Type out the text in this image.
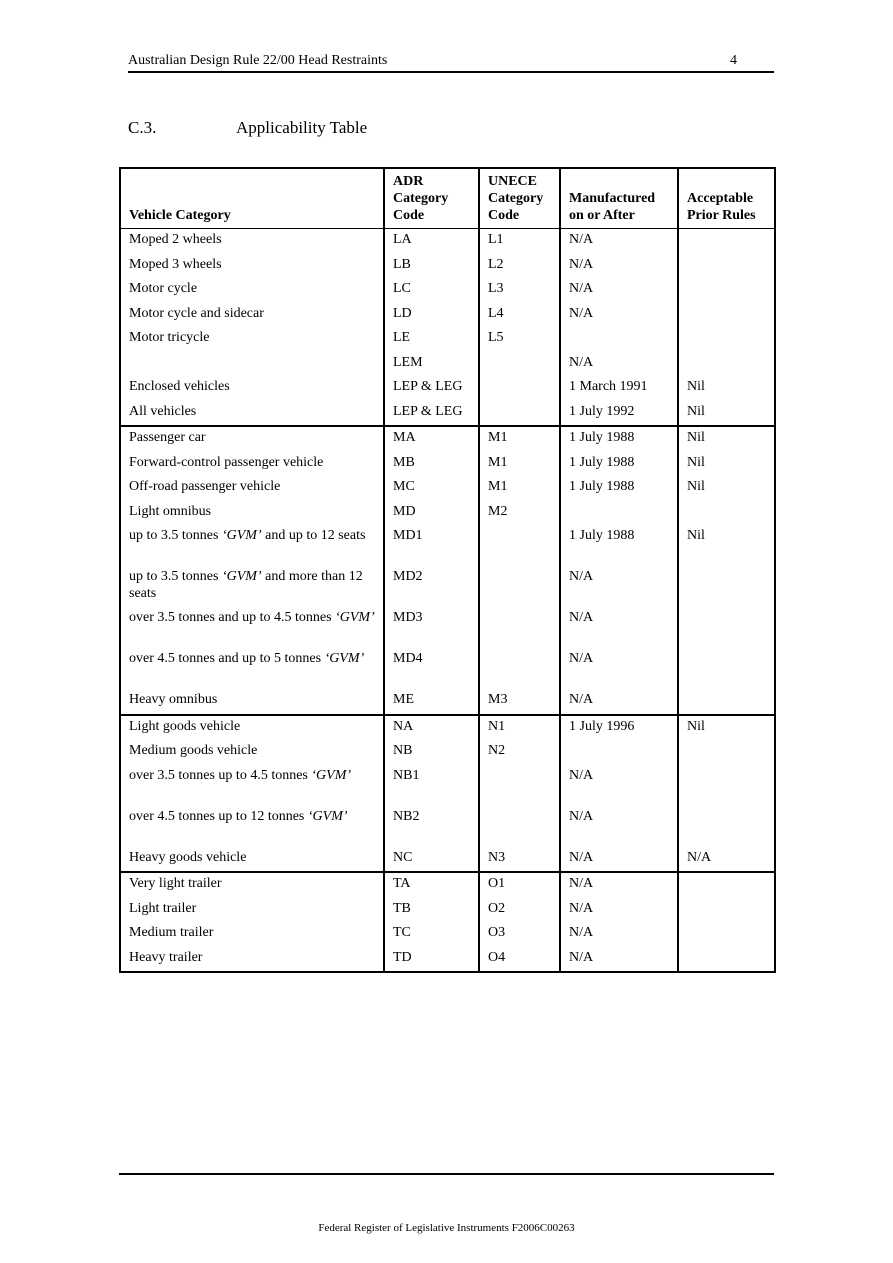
Australian Design Rule 22/00 Head Restraints	4
C.3.	Applicability Table
Vehicle Category	ADR Category Code	UNECE Category Code	Manufactured on or After	Acceptable Prior Rules
Moped 2 wheels	LA	L1	N/A	
Moped 3 wheels	LB	L2	N/A	
Motor cycle	LC	L3	N/A	
Motor cycle and sidecar	LD	L4	N/A	
Motor tricycle	LE	L5		
	LEM		N/A	
Enclosed vehicles	LEP & LEG		1 March 1991	Nil
All vehicles	LEP & LEG		1 July 1992	Nil
Passenger car	MA	M1	1 July 1988	Nil
Forward-control passenger vehicle	MB	M1	1 July 1988	Nil
Off-road passenger vehicle	MC	M1	1 July 1988	Nil
Light omnibus	MD	M2		
up to 3.5 tonnes ‘GVM’ and up to 12 seats	MD1		1 July 1988	Nil
up to 3.5 tonnes ‘GVM’ and more than 12 seats	MD2		N/A	
over 3.5 tonnes and up to 4.5 tonnes ‘GVM’	MD3		N/A	
over 4.5 tonnes and up to 5 tonnes ‘GVM’	MD4		N/A	
Heavy omnibus	ME	M3	N/A	
Light goods vehicle	NA	N1	1 July 1996	Nil
Medium goods vehicle	NB	N2		
over 3.5 tonnes up to 4.5 tonnes ‘GVM’	NB1		N/A	
over 4.5 tonnes up to 12 tonnes ‘GVM’	NB2		N/A	
Heavy goods vehicle	NC	N3	N/A	N/A
Very light trailer	TA	O1	N/A	
Light trailer	TB	O2	N/A	
Medium trailer	TC	O3	N/A	
Heavy trailer	TD	O4	N/A	
Federal Register of Legislative Instruments F2006C00263
